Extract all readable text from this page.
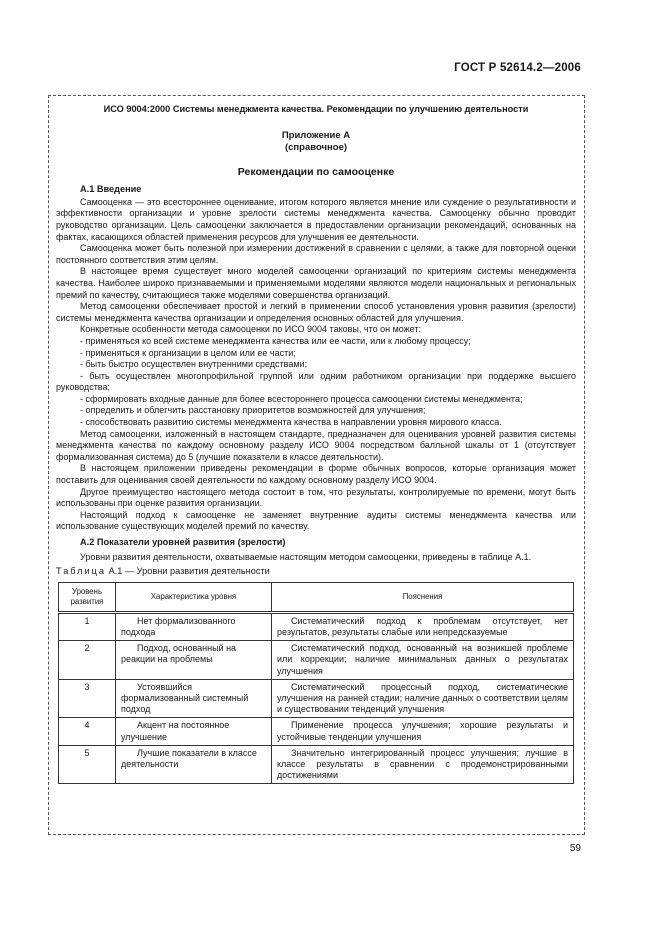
ГОСТ Р 52614.2—2006
ИСО 9004:2000 Системы менеджмента качества. Рекомендации по улучшению деятельности
Приложение А
(справочное)
Рекомендации по самооценке
А.1 Введение

Самооценка — это всестороннее оценивание, итогом которого является мнение или суждение о результативности и эффективности организации и уровне зрелости системы менеджмента качества. Самооценку обычно проводит руководство организации. Цель самооценки заключается в предоставлении организации рекомендаций, основанных на фактах, касающихся областей применения ресурсов для улучшения ее деятельности.

Самооценка может быть полезной при измерении достижений в сравнении с целями, а также для повторной оценки постоянного соответствия этим целям.

В настоящее время существует много моделей самооценки организаций по критериям системы менеджмента качества. Наиболее широко признаваемыми и применяемыми моделями являются модели национальных и региональных премий по качеству, считающиеся также моделями совершенства организаций.

Метод самооценки обеспечивает простой и легкий в применении способ установления уровня развития (зрелости) системы менеджмента качества организации и определения основных областей для улучшения.

Конкретные особенности метода самооценки по ИСО 9004 таковы, что он может:

- применяться ко всей системе менеджмента качества или ее части, или к любому процессу;
- применяться к организации в целом или ее части;
- быть быстро осуществлен внутренними средствами;
- быть осуществлен многопрофильной группой или одним работником организации при поддержке высшего руководства;
- сформировать входные данные для более всестороннего процесса самооценки системы менеджмента;
- определить и облегчить расстановку приоритетов возможностей для улучшения;
- способствовать развитию системы менеджмента качества в направлении уровня мирового класса.

Метод самооценки, изложенный в настоящем стандарте, предназначен для оценивания уровней развития системы менеджмента качества по каждому основному разделу ИСО 9004 посредством балльной шкалы от 1 (отсутствует формализованная система) до 5 (лучшие показатели в классе деятельности).

В настоящем приложении приведены рекомендации в форме обычных вопросов, которые организация может поставить для оценивания своей деятельности по каждому основному разделу ИСО 9004.

Другое преимущество настоящего метода состоит в том, что результаты, контролируемые по времени, могут быть использованы при оценке развития организации.

Настоящий подход к самооценке не заменяет внутренние аудиты системы менеджмента качества или использование существующих моделей премий по качеству.

А.2 Показатели уровней развития (зрелости)

Уровни развития деятельности, охватываемые настоящим методом самооценки, приведены в таблице А.1.

Таблица А.1 — Уровни развития деятельности
Уровень развития	Характеристика уровня	Пояснения
1	Нет формализованного подхода	Систематический подход к проблемам отсутствует, нет результатов, результаты слабые или непредсказуемые

2	Подход, основанный на реакции на проблемы	Систематический подход, основанный на возникшей проблеме или коррекции; наличие минимальных данных о результатах улучшения

3	Устоявшийся формализованный системный подход	Систематический процессный подход, систематические улучшения на ранней стадии; наличие данных о соответствии целям и существовании тенденций улучшения

4	Акцент на постоянное улучшение	Применение процесса улучшения; хорошие результаты и устойчивые тенденции улучшения

5	Лучшие показатели в классе деятельности	Значительно интегрированный процесс улучшения; лучшие в классе результаты в сравнении с продемонстрированными достижениями
59
